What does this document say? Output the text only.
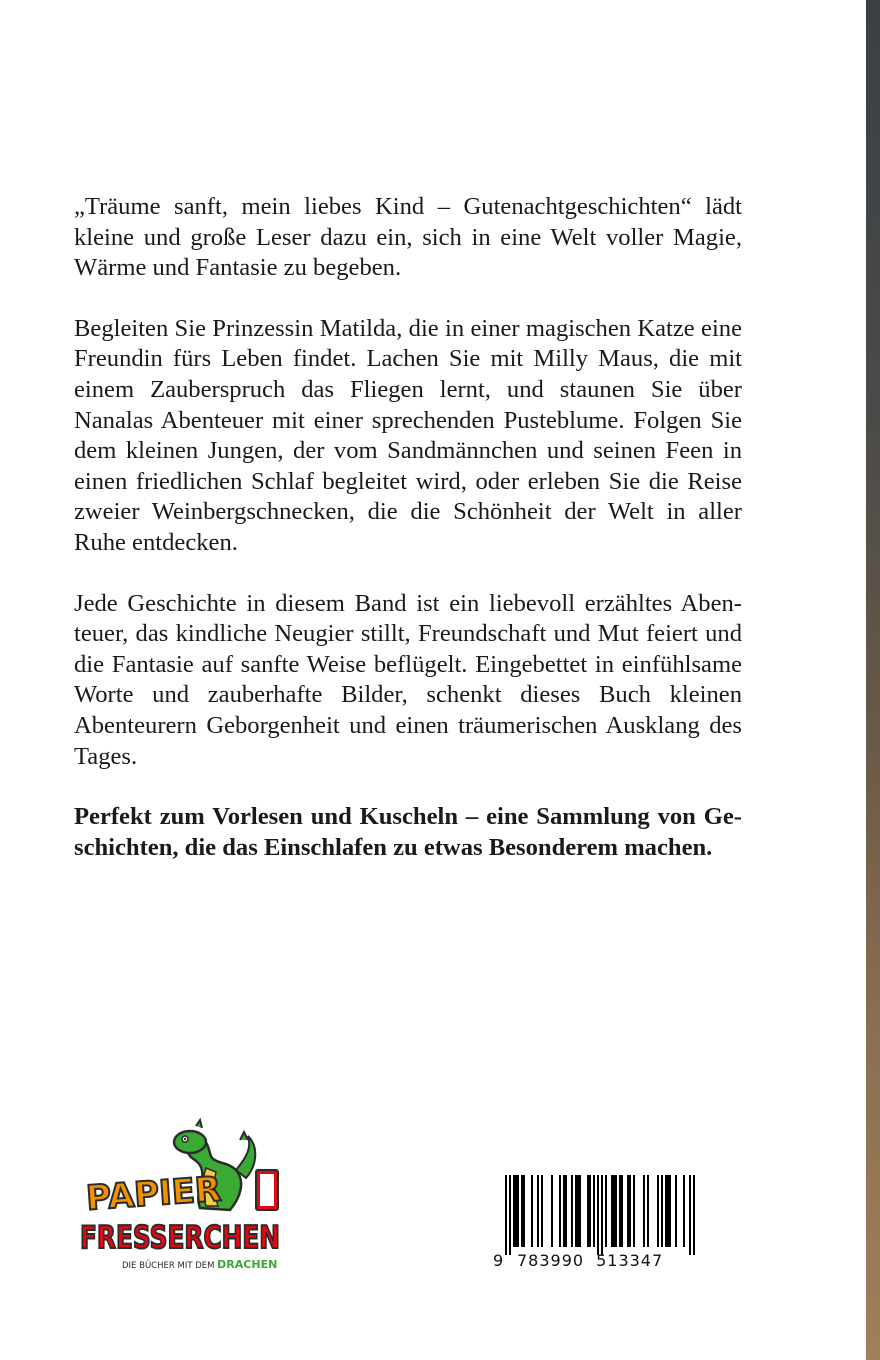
„Träume sanft, mein liebes Kind – Gutenachtgeschichten“ lädt kleine und große Leser dazu ein, sich in eine Welt voller Magie, Wärme und Fantasie zu begeben.

Begleiten Sie Prinzessin Matilda, die in einer magischen Katze eine Freundin fürs Leben findet. Lachen Sie mit Milly Maus, die mit einem Zauberspruch das Fliegen lernt, und staunen Sie über Nanalas Abenteuer mit einer sprechenden Pusteblume. Folgen Sie dem kleinen Jungen, der vom Sandmännchen und seinen Feen in einen friedlichen Schlaf begleitet wird, oder erleben Sie die Reise zweier Weinbergschnecken, die die Schönheit der Welt in aller Ruhe entdecken.

Jede Geschichte in diesem Band ist ein liebevoll erzähltes Abenteuer, das kindliche Neugier stillt, Freundschaft und Mut feiert und die Fantasie auf sanfte Weise beflügelt. Eingebettet in einfühlsame Worte und zauberhafte Bilder, schenkt dieses Buch kleinen Abenteurern Geborgenheit und einen träumerischen Ausklang des Tages.

Perfekt zum Vorlesen und Kuscheln – eine Sammlung von Geschichten, die das Einschlafen zu etwas Besonderem machen.

PAPIER
FRESSERCHEN
DIE BÜCHER MIT DEM DRACHEN	9 783990 513347
